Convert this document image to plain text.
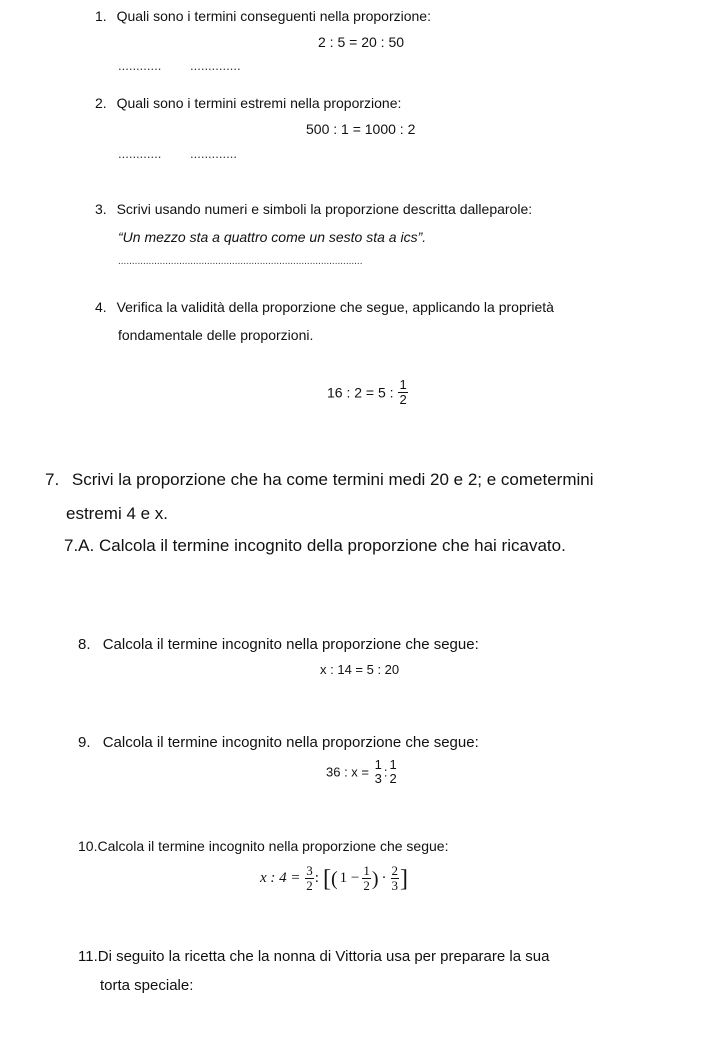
1. Quali sono i termini conseguenti nella proporzione:
2 : 5 = 20 : 50
............ ..............
2. Quali sono i termini estremi nella proporzione:
500 : 1 = 1000 : 2
............ .............
3. Scrivi usando numeri e simboli la proporzione descritta dalleparole:
“Un mezzo sta a quattro come un sesto sta a ics”.
........................................................................................
4. Verifica la validità della proporzione che segue, applicando la proprietà
fondamentale delle proporzioni.
16 : 2 = 5 : $\frac{1}{2}$
7. Scrivi la proporzione che ha come termini medi 20 e 2; e cometermini
estremi 4 e x.
7.A. Calcola il termine incognito della proporzione che hai ricavato.
8. Calcola il termine incognito nella proporzione che segue:
x : 14 = 5 : 20
9. Calcola il termine incognito nella proporzione che segue:
36 : x = 1
3 : 1
2
10.Calcola il termine incognito nella proporzione che segue:
x : $4 = \frac{3}{2}$ : [( $1 - \frac{1}{2}$ ) · $\frac{2}{3}$ ]
11.Di seguito la ricetta che la nonna di Vittoria usa per preparare la sua
torta speciale:
